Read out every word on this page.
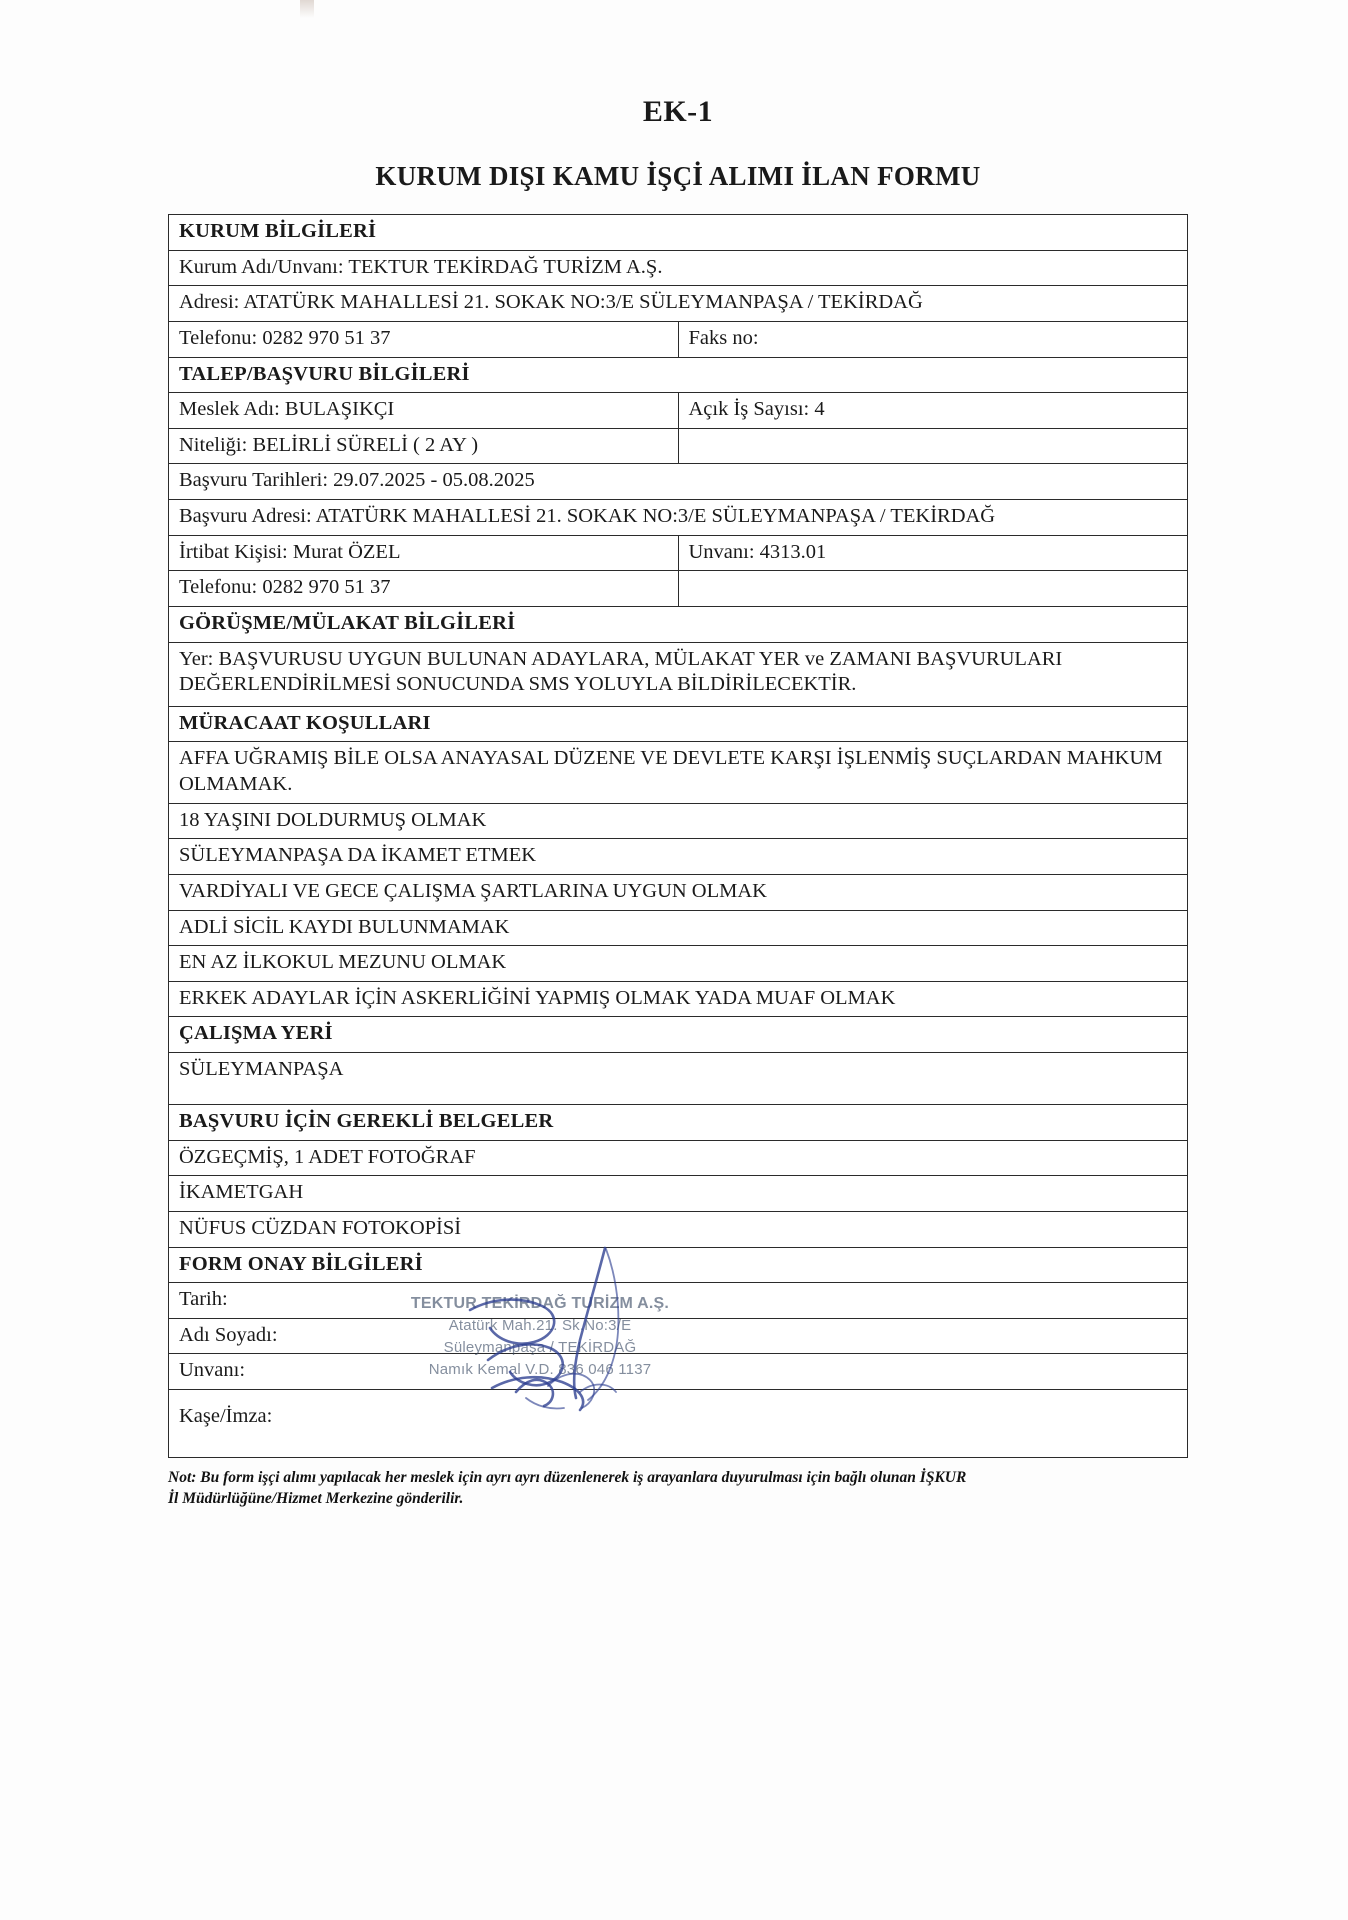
EK-1
KURUM DIŞI KAMU İŞÇİ ALIMI İLAN FORMU
KURUM BİLGİLERİ	
Kurum Adı/Unvanı: TEKTUR TEKİRDAĞ TURİZM A.Ş.	
Adresi: ATATÜRK MAHALLESİ 21. SOKAK NO:3/E SÜLEYMANPAŞA / TEKİRDAĞ	
Telefonu: 0282 970 51 37	Faks no:
TALEP/BAŞVURU BİLGİLERİ	
Meslek Adı: BULAŞIKÇI	Açık İş Sayısı: 4
Niteliği: BELİRLİ SÜRELİ ( 2 AY )	
Başvuru Tarihleri: 29.07.2025 - 05.08.2025	
Başvuru Adresi: ATATÜRK MAHALLESİ 21. SOKAK NO:3/E SÜLEYMANPAŞA / TEKİRDAĞ	
İrtibat Kişisi: Murat ÖZEL	Unvanı: 4313.01
Telefonu: 0282 970 51 37	
GÖRÜŞME/MÜLAKAT BİLGİLERİ	
Yer: BAŞVURUSU UYGUN BULUNAN ADAYLARA, MÜLAKAT YER ve ZAMANI BAŞVURULARI DEĞERLENDİRİLMESİ SONUCUNDA SMS YOLUYLA BİLDİRİLECEKTİR.	
MÜRACAAT KOŞULLARI	
AFFA UĞRAMIŞ BİLE OLSA ANAYASAL DÜZENE VE DEVLETE KARŞI İŞLENMİŞ SUÇLARDAN MAHKUM OLMAMAK.	
18 YAŞINI DOLDURMUŞ OLMAK	
SÜLEYMANPAŞA DA İKAMET ETMEK	
VARDİYALI VE GECE ÇALIŞMA ŞARTLARINA UYGUN OLMAK	
ADLİ SİCİL KAYDI BULUNMAMAK	
EN AZ İLKOKUL MEZUNU OLMAK	
ERKEK ADAYLAR İÇİN ASKERLİĞİNİ YAPMIŞ OLMAK YADA MUAF OLMAK	
ÇALIŞMA YERİ	
SÜLEYMANPAŞA	
BAŞVURU İÇİN GEREKLİ BELGELER	
ÖZGEÇMİŞ, 1 ADET FOTOĞRAF	
İKAMETGAH	
NÜFUS CÜZDAN FOTOKOPİSİ	
FORM ONAY BİLGİLERİ	
Tarih:	
Adı Soyadı:	
Unvanı:	
Kaşe/İmza:	
Not: Bu form işçi alımı yapılacak her meslek için ayrı ayrı düzenlenerek iş arayanlara duyurulması için bağlı olunan İŞKUR
İl Müdürlüğüne/Hizmet Merkezine gönderilir.
TEKTUR TEKİRDAĞ TURİZM A.Ş.
Atatürk Mah.21. Sk.No:3/E
Süleymanpaşa / TEKİRDAĞ
Namık Kemal V.D. 836 046 1137
